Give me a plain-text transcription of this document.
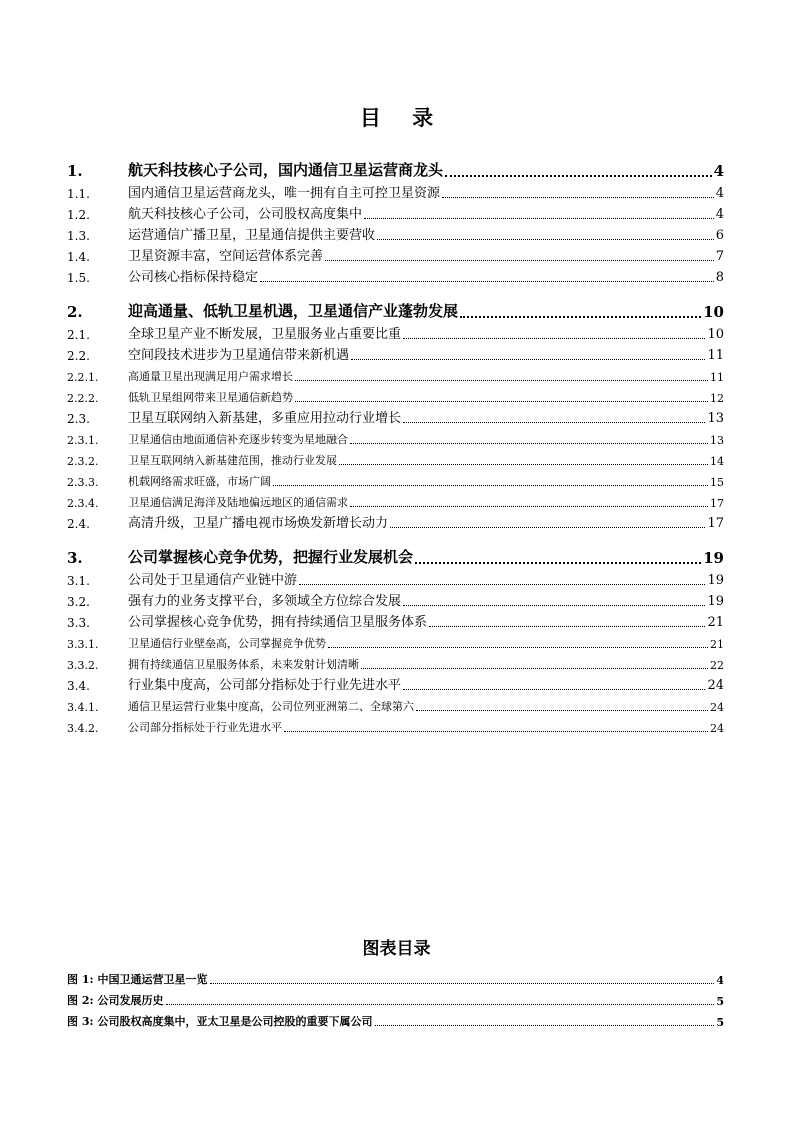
目 录
1.	航天科技核心子公司，国内通信卫星运营商龙头	4
1.1.	国内通信卫星运营商龙头，唯一拥有自主可控卫星资源	4
1.2.	航天科技核心子公司，公司股权高度集中	4
1.3.	运营通信广播卫星，卫星通信提供主要营收	6
1.4.	卫星资源丰富，空间运营体系完善	7
1.5.	公司核心指标保持稳定	8
2.	迎高通量、低轨卫星机遇，卫星通信产业蓬勃发展	10
2.1.	全球卫星产业不断发展，卫星服务业占重要比重	10
2.2.	空间段技术进步为卫星通信带来新机遇	11
2.2.1.	高通量卫星出现满足用户需求增长	11
2.2.2.	低轨卫星组网带来卫星通信新趋势	12
2.3.	卫星互联网纳入新基建，多重应用拉动行业增长	13
2.3.1.	卫星通信由地面通信补充逐步转变为星地融合	13
2.3.2.	卫星互联网纳入新基建范围，推动行业发展	14
2.3.3.	机载网络需求旺盛，市场广阔	15
2.3.4.	卫星通信满足海洋及陆地偏远地区的通信需求	17
2.4.	高清升级，卫星广播电视市场焕发新增长动力	17
3.	公司掌握核心竞争优势，把握行业发展机会	19
3.1.	公司处于卫星通信产业链中游	19
3.2.	强有力的业务支撑平台，多领域全方位综合发展	19
3.3.	公司掌握核心竞争优势，拥有持续通信卫星服务体系	21
3.3.1.	卫星通信行业壁垒高，公司掌握竞争优势	21
3.3.2.	拥有持续通信卫星服务体系，未来发射计划清晰	22
3.4.	行业集中度高，公司部分指标处于行业先进水平	24
3.4.1.	通信卫星运营行业集中度高，公司位列亚洲第二、全球第六	24
3.4.2.	公司部分指标处于行业先进水平	24
图表目录
图 1: 中国卫通运营卫星一览	4
图 2: 公司发展历史	5
图 3: 公司股权高度集中，亚太卫星是公司控股的重要下属公司	5
